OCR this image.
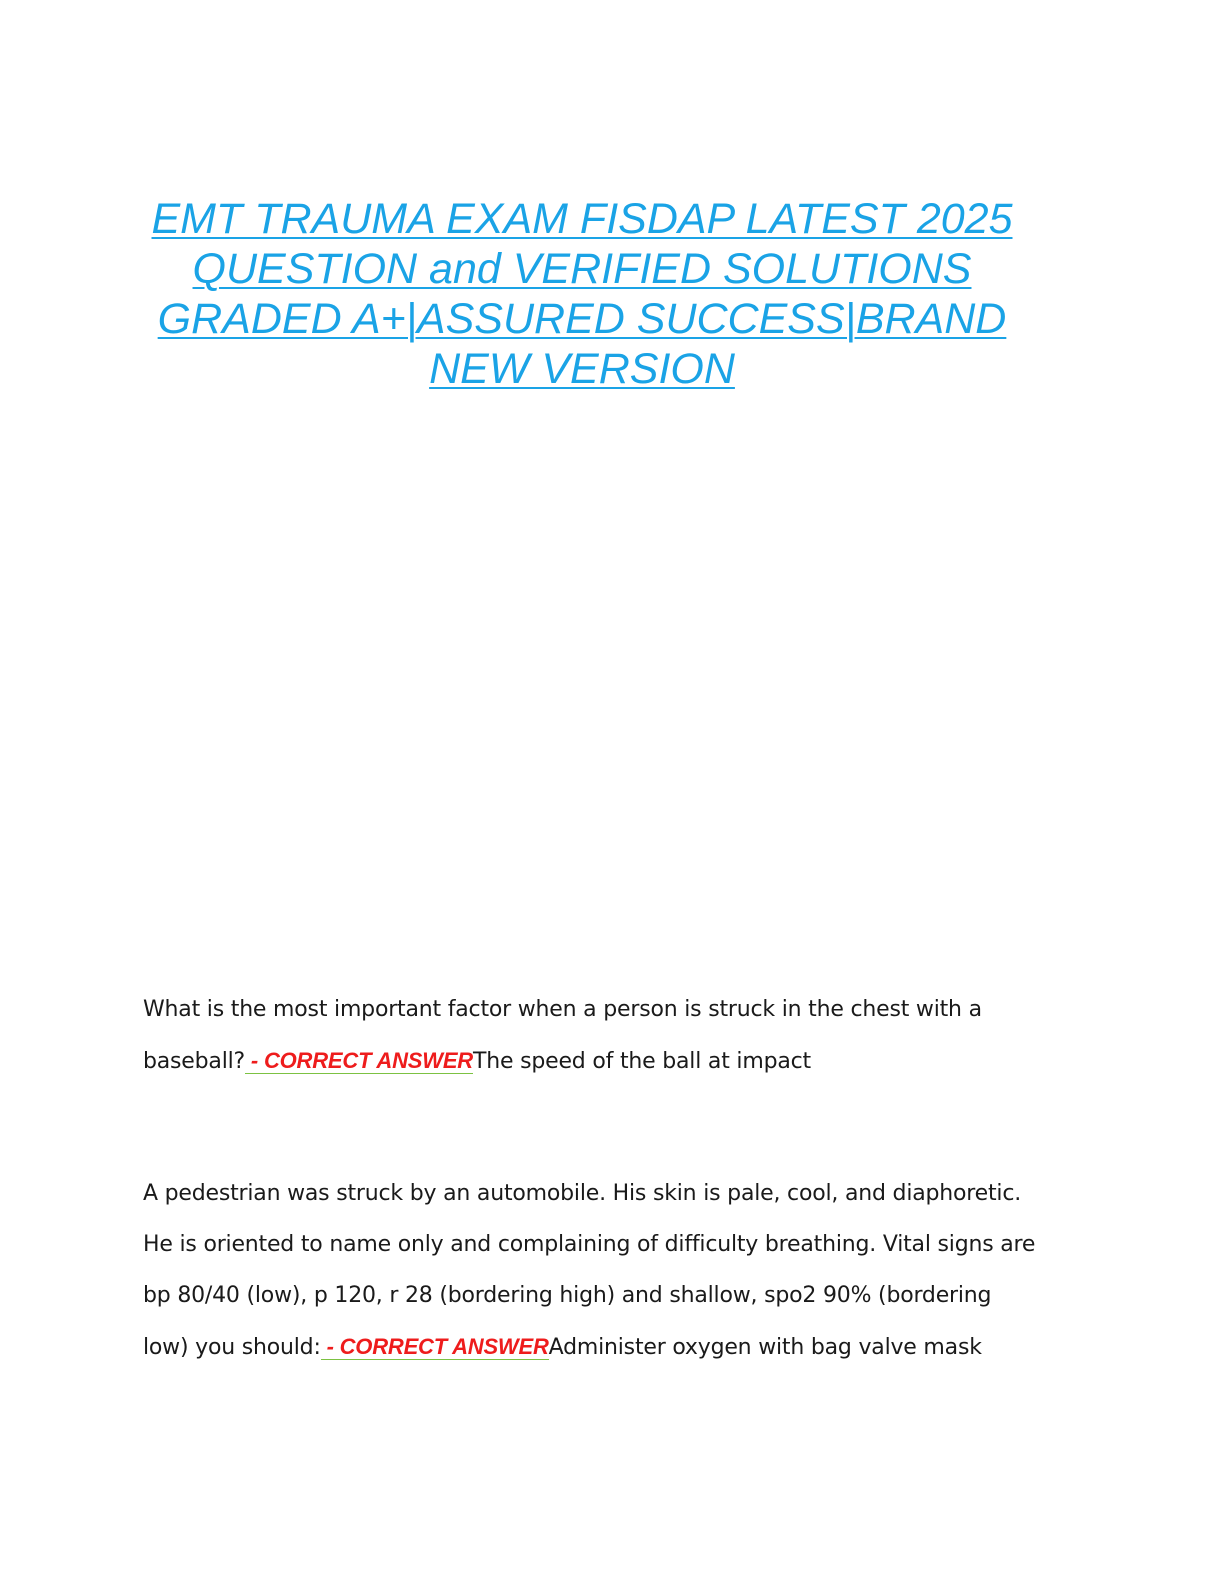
EMT TRAUMA EXAM FISDAP LATEST 2025
QUESTION and VERIFIED SOLUTIONS
GRADED A+|ASSURED SUCCESS|BRAND
NEW VERSION
What is the most important factor when a person is struck in the chest with a
baseball? - CORRECT ANSWERThe speed of the ball at impact
A pedestrian was struck by an automobile. His skin is pale, cool, and diaphoretic.
He is oriented to name only and complaining of difficulty breathing. Vital signs are
bp 80/40 (low), p 120, r 28 (bordering high) and shallow, spo2 90% (bordering
low) you should: - CORRECT ANSWERAdminister oxygen with bag valve mask
